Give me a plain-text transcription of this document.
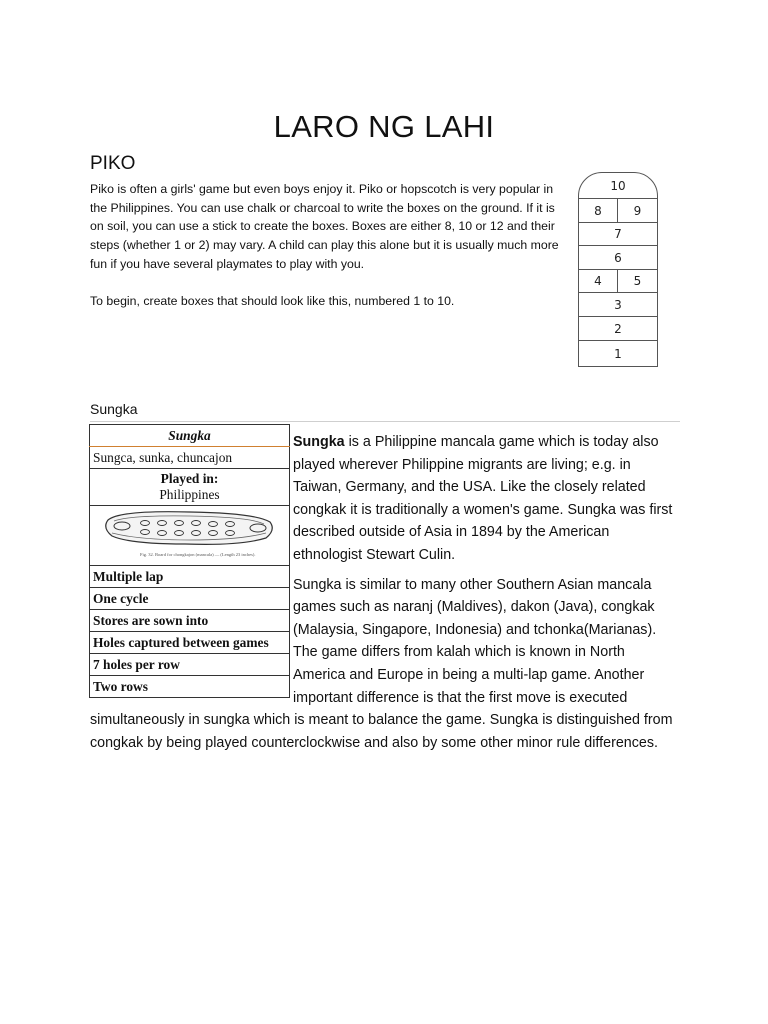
LARO NG LAHI
PIKO

Piko is often a girls' game but even boys enjoy it. Piko or hopscotch is very popular in the Philippines. You can use chalk or charcoal to write the boxes on the ground. If it is on soil, you can use a stick to create the boxes. Boxes are either 8, 10 or 12 and their steps (whether 1 or 2) may vary. A child can play this alone but it is usually much more fun if you have several playmates to play with you.

To begin, create boxes that should look like this, numbered 1 to 10.

10
8	9
7
6
4	5
3
2
1
Sungka
Sungka
Sungca, sunka, chuncajon

Played in:
Philippines

Fig. 32. Board for chongkajon (mancala) — (Length 23 inches).

Multiple lap
One cycle
Stores are sown into
Holes captured between games
7 holes per row
Two rows

Sungka is a Philippine mancala game which is today also played wherever Philippine migrants are living; e.g. in Taiwan, Germany, and the USA. Like the closely related congkak it is traditionally a women's game. Sungka was first described outside of Asia in 1894 by the American ethnologist Stewart Culin.

Sungka is similar to many other Southern Asian mancala games such as naranj (Maldives), dakon (Java), congkak (Malaysia, Singapore, Indonesia) and tchonka(Marianas). The game differs from kalah which is known in North America and Europe in being a multi-lap game. Another important difference is that the first move is executed simultaneously in sungka which is meant to balance the game. Sungka is distinguished from congkak by being played counterclockwise and also by some other minor rule differences.
